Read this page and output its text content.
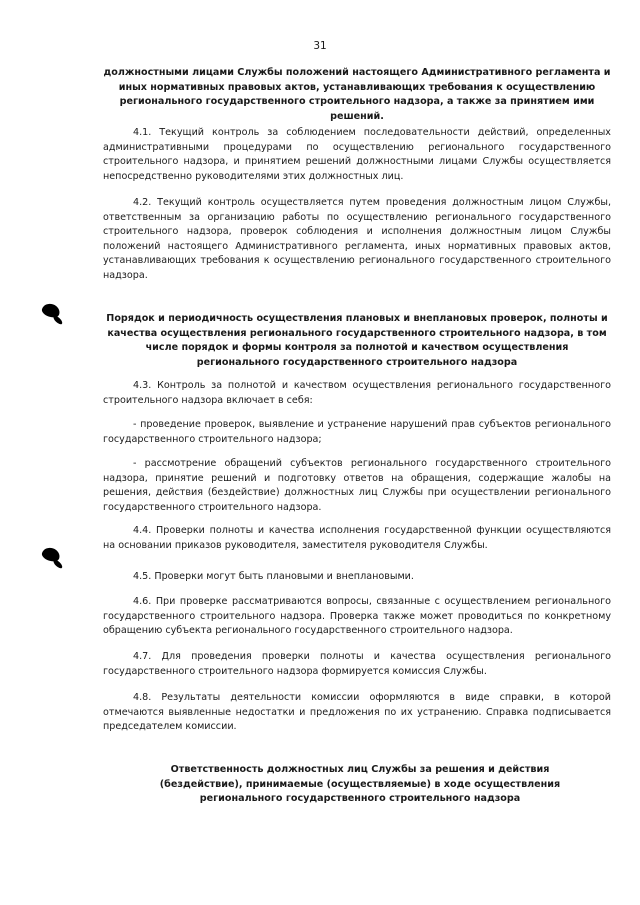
31
должностными лицами Службы положений настоящего Административного регламента и иных нормативных правовых актов, устанавливающих требования к осуществлению регионального государственного строительного надзора, а также за принятием ими решений.
4.1. Текущий контроль за соблюдением последовательности действий, определенных административными процедурами по осуществлению регионального государственного строительного надзора, и принятием решений должностными лицами Службы осуществляется непосредственно руководителями этих должностных лиц.
4.2. Текущий контроль осуществляется путем проведения должностным лицом Службы, ответственным за организацию работы по осуществлению регионального государственного строительного надзора, проверок соблюдения и исполнения должностным лицом Службы положений настоящего Административного регламента, иных нормативных правовых актов, устанавливающих требования к осуществлению регионального государственного строительного надзора.
Порядок и периодичность осуществления плановых и внеплановых проверок, полноты и качества осуществления регионального государственного строительного надзора, в том числе порядок и формы контроля за полнотой и качеством осуществления регионального государственного строительного надзора
4.3. Контроль за полнотой и качеством осуществления регионального государственного строительного надзора включает в себя:
- проведение проверок, выявление и устранение нарушений прав субъектов регионального государственного строительного надзора;
- рассмотрение обращений субъектов регионального государственного строительного надзора, принятие решений и подготовку ответов на обращения, содержащие жалобы на решения, действия (бездействие) должностных лиц Службы при осуществлении регионального государственного строительного надзора.
4.4. Проверки полноты и качества исполнения государственной функции осуществляются на основании приказов руководителя, заместителя руководителя Службы.
4.5. Проверки могут быть плановыми и внеплановыми.
4.6. При проверке рассматриваются вопросы, связанные с осуществлением регионального государственного строительного надзора. Проверка также может проводиться по конкретному обращению субъекта регионального государственного строительного надзора.
4.7. Для проведения проверки полноты и качества осуществления регионального государственного строительного надзора формируется комиссия Службы.
4.8. Результаты деятельности комиссии оформляются в виде справки, в которой отмечаются выявленные недостатки и предложения по их устранению. Справка подписывается председателем комиссии.
Ответственность должностных лиц Службы за решения и действия (бездействие), принимаемые (осуществляемые) в ходе осуществления регионального государственного строительного надзора
